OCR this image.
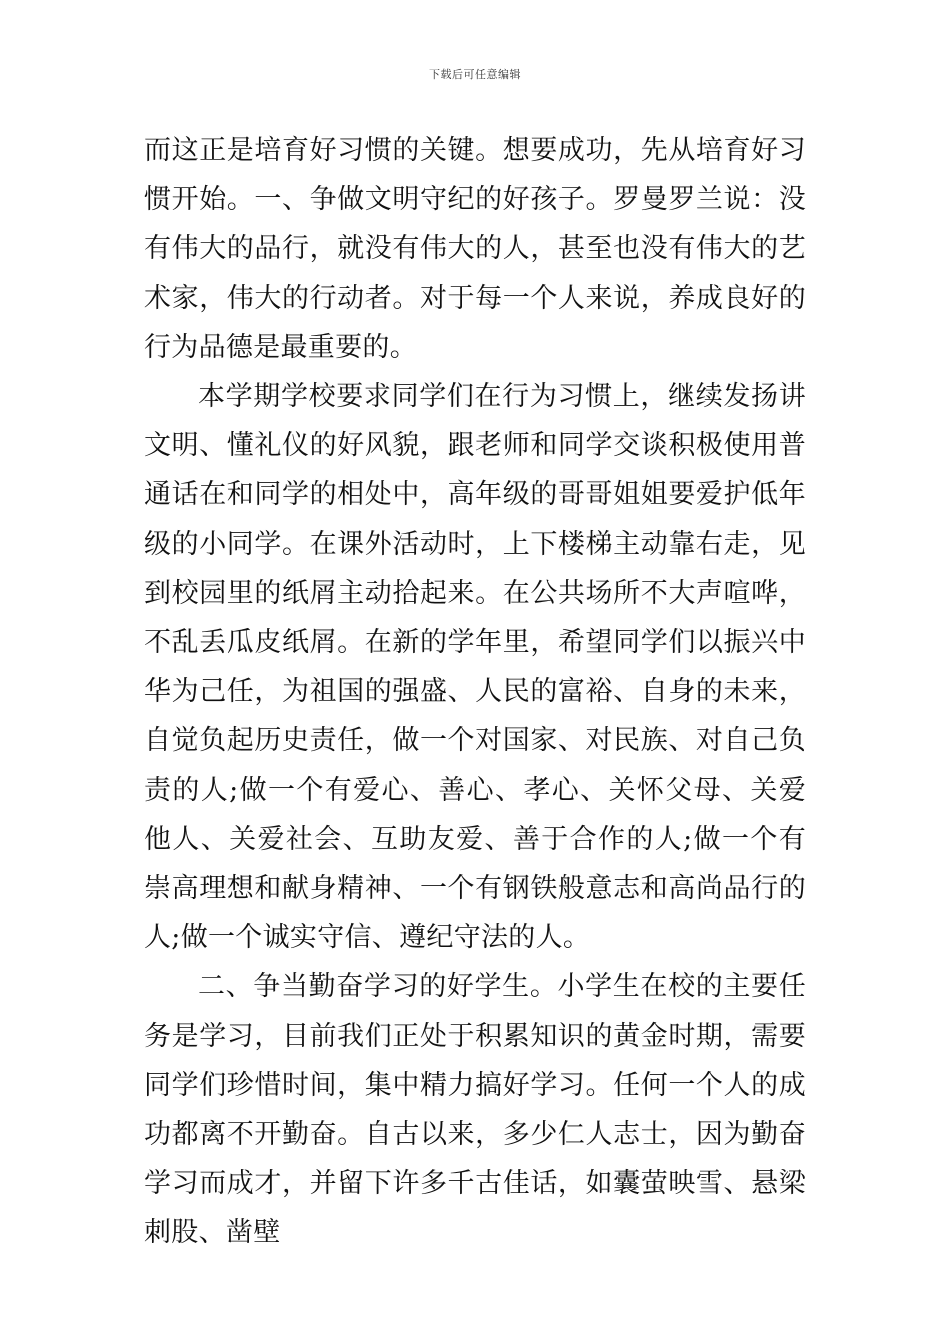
下载后可任意编辑

而这正是培育好习惯的关键。想要成功，先从培育好习惯开始。一、争做文明守纪的好孩子。罗曼罗兰说：没有伟大的品行，就没有伟大的人，甚至也没有伟大的艺术家，伟大的行动者。对于每一个人来说，养成良好的行为品德是最重要的。

本学期学校要求同学们在行为习惯上，继续发扬讲文明、懂礼仪的好风貌，跟老师和同学交谈积极使用普通话在和同学的相处中，高年级的哥哥姐姐要爱护低年级的小同学。在课外活动时，上下楼梯主动靠右走，见到校园里的纸屑主动拾起来。在公共场所不大声喧哗，不乱丢瓜皮纸屑。在新的学年里，希望同学们以振兴中华为己任，为祖国的强盛、人民的富裕、自身的未来，自觉负起历史责任，做一个对国家、对民族、对自己负责的人;做一个有爱心、善心、孝心、关怀父母、关爱他人、关爱社会、互助友爱、善于合作的人;做一个有崇高理想和献身精神、一个有钢铁般意志和高尚品行的人;做一个诚实守信、遵纪守法的人。

二、争当勤奋学习的好学生。小学生在校的主要任务是学习，目前我们正处于积累知识的黄金时期，需要同学们珍惜时间，集中精力搞好学习。任何一个人的成功都离不开勤奋。自古以来，多少仁人志士，因为勤奋学习而成才，并留下许多千古佳话，如囊萤映雪、悬梁刺股、凿壁
